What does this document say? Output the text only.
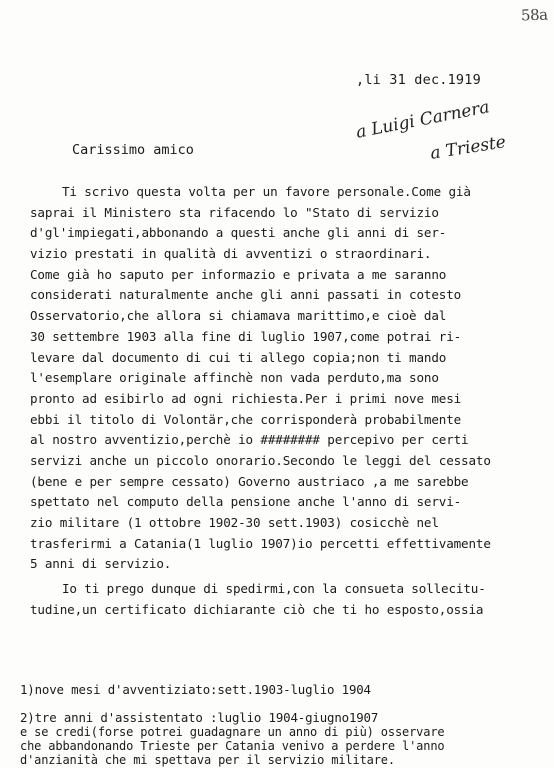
58a
,li 31 dec.1919
a Luigi Carnera
a Trieste
Carissimo amico
Ti scrivo questa volta per un favore personale.Come già
saprai il Ministero sta rifacendo lo "Stato di servizio
d'gl'impiegati,abbonando a questi anche gli anni di ser-
vizio prestati in qualità di avventizi o straordinari.
Come già ho saputo per informazio e privata a me saranno
considerati naturalmente anche gli anni passati in cotesto
Osservatorio,che allora si chiamava marittimo,e cioè dal
30 settembre 1903 alla fine di luglio 1907,come potrai ri-
levare dal documento di cui ti allego copia;non ti mando
l'esemplare originale affinchè non vada perduto,ma sono
pronto ad esibirlo ad ogni richiesta.Per i primi nove mesi
ebbi il titolo di Volontär,che corrisponderà probabilmente
al nostro avventizio,perchè io ######## percepivo per certi
servizi anche un piccolo onorario.Secondo le leggi del cessato
(bene e per sempre cessato) Governo austriaco ,a me sarebbe
spettato nel computo della pensione anche l'anno di servi-
zio militare (1 ottobre 1902-30 sett.1903) cosicchè nel
trasferirmi a Catania(1 luglio 1907)io percetti effettivamente
5 anni di servizio.
Io ti prego dunque di spedirmi,con la consueta sollecitu-
tudine,un certificato dichiarante ciò che ti ho esposto,ossia
1)nove mesi d'avventiziato:sett.1903-luglio 1904
2)tre anni d'assistentato :luglio 1904-giugno1907
e se credi(forse potrei guadagnare un anno di più) osservare
che abbandonando Trieste per Catania venivo a perdere l'anno
d'anzianità che mi spettava per il servizio militare.
